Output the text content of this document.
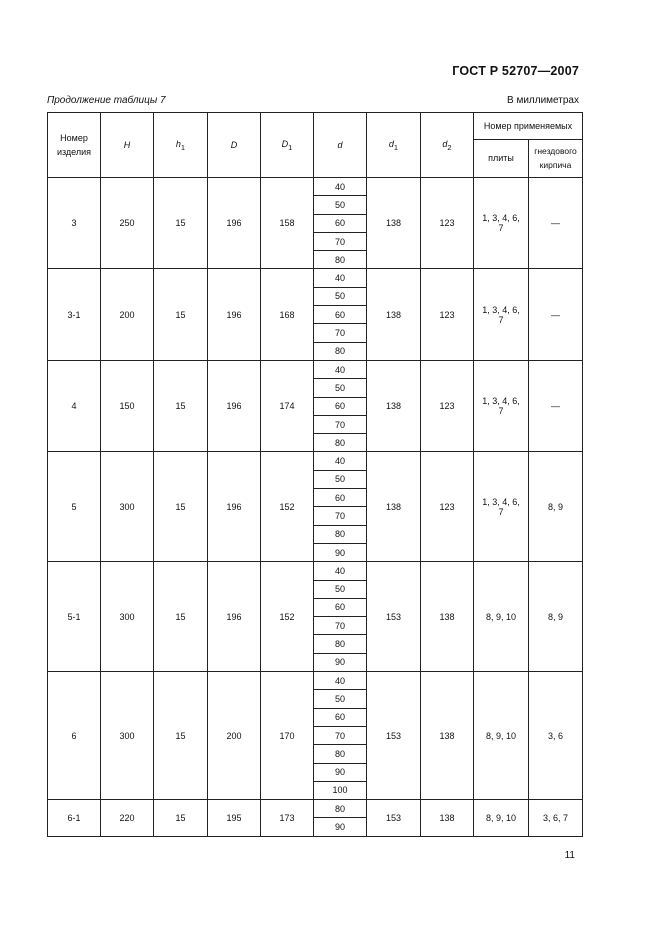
ГОСТ Р 52707—2007
Продолжение таблицы 7	В миллиметрах
Номер изделия	H	$h_1$	D	$D_1$	d	$d_1$	$d_2$	Номер применяемых	
								плиты	гнездового кирпича
3	250	15	196	158	40	138	123	1, 3, 4, 6, 7	—
					50				
					60				
					70				
					80				
3-1	200	15	196	168	40	138	123	1, 3, 4, 6, 7	—
					50				
					60				
					70				
					80				
4	150	15	196	174	40	138	123	1, 3, 4, 6, 7	—
					50				
					60				
					70				
					80				
5	300	15	196	152	40	138	123	1, 3, 4, 6, 7	8, 9
					50				
					60				
					70				
					80				
					90				
5-1	300	15	196	152	40	153	138	8, 9, 10	8, 9
					50				
					60				
					70				
					80				
					90				
6	300	15	200	170	40	153	138	8, 9, 10	3, 6
					50				
					60				
					70				
					80				
					90				
					100				
6-1	220	15	195	173	80	153	138	8, 9, 10	3, 6, 7
					90				
11
